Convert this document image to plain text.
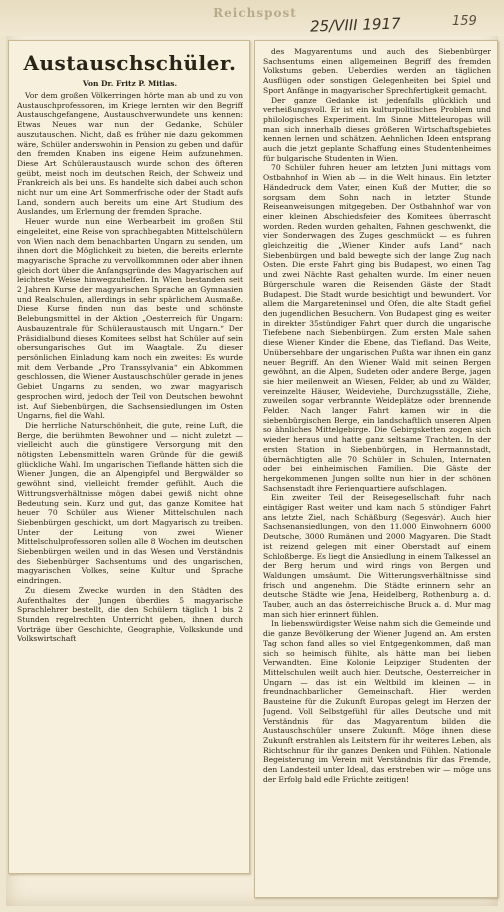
Reichspost
25/VIII 1917	159
Austauschschüler.
Von Dr. Fritz P. Mitlas.

Vor dem großen Völkerringen hörte man ab und zu von Austauschprofessoren, im Kriege lernten wir den Begriff Austauschgefangene, Austauschverwundete uns kennen: Etwas Neues war nun der Gedanke, Schüler auszutauschen. Nicht, daß es früher nie dazu gekommen wäre, Schüler anderswohin in Pension zu geben und dafür den fremden Knaben ins eigene Heim aufzunehmen. Diese Art Schüleraustausch wurde schon des öfteren geübt, meist noch im deutschen Reich, der Schweiz und Frankreich als bei uns. Es handelte sich dabei auch schon nicht nur um eine Art Sommerfrische oder der Stadt aufs Land, sondern auch bereits um eine Art Studium des Auslandes, um Erlernung der fremden Sprache.

Heuer wurde nun eine Werbearbeit im großen Stil eingeleitet, eine Reise von sprachbegabten Mittelschülern von Wien nach dem benachbarten Ungarn zu senden, um ihnen dort die Möglichkeit zu bieten, die bereits erlernte magyarische Sprache zu vervollkommnen oder aber ihnen gleich dort über die Anfangsgründe des Magyarischen auf leichteste Weise hinwegzuhelfen. In Wien bestanden seit 2 Jahren Kurse der magyarischen Sprache an Gymnasien und Realschulen, allerdings in sehr spärlichem Ausmaße. Diese Kurse finden nun das beste und schönste Belebungsmittel in der Aktion „Oesterreich für Ungarn: Ausbauzentrale für Schüleraustausch mit Ungarn.“ Der Präsidialbund dieses Komitees selbst hat Schüler auf sein obersungarisches Gut im Waagtale. Zu dieser persönlichen Einladung kam noch ein zweites: Es wurde mit dem Verbande „Pro Transsylvania“ ein Abkommen geschlossen, die Wiener Austauschschüler gerade in jenes Gebiet Ungarns zu senden, wo zwar magyarisch gesprochen wird, jedoch der Teil von Deutschen bewohnt ist. Auf Siebenbürgen, die Sachsensiedlungen im Osten Ungarns, fiel die Wahl.

Die herrliche Naturschönheit, die gute, reine Luft, die Berge, die berühmten Bewohner und — nicht zuletzt — vielleicht auch die günstigere Versorgung mit den nötigsten Lebensmitteln waren Gründe für die gewiß glückliche Wahl. Im ungarischen Tieflande hätten sich die Wiener Jungen, die an Alpengipfel und Bergwälder so gewöhnt sind, vielleicht fremder gefühlt. Auch die Wittrungsverhältnisse mögen dabei gewiß nicht ohne Bedeutung sein. Kurz und gut, das ganze Komitee hat heuer 70 Schüler aus Wiener Mittelschulen nach Siebenbürgen geschickt, um dort Magyarisch zu treiben. Unter der Leitung von zwei Wiener Mittelschulprofessoren sollen alle 8 Wochen im deutschen Siebenbürgen weilen und in das Wesen und Verständnis des Siebenbürger Sachsentums und des ungarischen, magyarischen Volkes, seine Kultur und Sprache eindringen.

Zu diesem Zwecke wurden in den Städten des Aufenthaltes der Jungen überdies 5 magyarische Sprachlehrer bestellt, die den Schülern täglich 1 bis 2 Stunden regelrechten Unterricht geben, ihnen durch Vorträge über Geschichte, Geographie, Volkskunde und Volkswirtschaft

des Magyarentums und auch des Siebenbürger Sachsentums einen allgemeinen Begriff des fremden Volkstums geben. Ueberdies werden an täglichen Ausflügen oder sonstigen Gelegenheiten bei Spiel und Sport Anfänge in magyarischer Sprechfertigkeit gemacht.

Der ganze Gedanke ist jedenfalls glücklich und verheißungsvoll. Er ist ein kulturpolitisches Problem und philologisches Experiment. Im Sinne Mitteleuropas will man sich innerhalb dieses größeren Wirtschaftsgebietes kennen lernen und schätzen. Aehnlichen Ideen entsprang auch die jetzt geplante Schaffung eines Studentenheimes für bulgarische Studenten in Wien.

70 Schüler fuhren heuer am letzten Juni mittags vom Ostbahnhof in Wien ab — in die Welt hinaus. Ein letzter Händedruck dem Vater, einen Kuß der Mutter, die so sorgsam dem Sohn nach in letzter Stunde Reiseanweisungen mitgegeben. Der Ostbahnhof war von einer kleinen Abschiedsfeier des Komitees überrascht worden. Reden wurden gehalten, Fahnen geschwenkt, die vier Sonderwagen des Zuges geschmückt — es fuhren gleichzeitig die „Wiener Kinder aufs Land“ nach Siebenbürgen und bald bewegte sich der lange Zug nach Osten. Die erste Fahrt ging bis Budapest, wo einen Tag und zwei Nächte Rast gehalten wurde. Im einer neuen Bürgerschule waren die Reisenden Gäste der Stadt Budapest. Die Stadt wurde besichtigt und bewundert. Vor allem die Margareteninsel und Ofen, die alte Stadt gefiel den jugendlichen Besuchern. Von Budapest ging es weiter in direkter 35stündiger Fahrt quer durch die ungarische Tiefebene nach Siebenbürgen. Zum ersten Male sahen diese Wiener Kinder die Ebene, das Tiefland. Das Weite, Unübersehbare der ungarischen Pußta war ihnen ein ganz neuer Begriff. An den Wiener Wald mit seinen Bergen gewöhnt, an die Alpen, Sudeten oder andere Berge, jagen sie hier meilenweit an Wiesen, Felder, ab und zu Wälder, vereinzelte Häuser, Weideviehe, Durchzugsställe, Ziehe, zuweilen sogar verbrannte Weideplätze oder brennende Felder. Nach langer Fahrt kamen wir in die siebenbürgischen Berge, ein landschaftlich unseren Alpen so ähnliches Mittelgebirge. Die Gebirgsketten zogen sich wieder heraus und hatte ganz seltsame Trachten. In der ersten Station in Siebenbürgen, in Hermannstadt, übernächtigten alle 70 Schüler in Schulen, Internaten oder bei einheimischen Familien. Die Gäste der hergekommenen Jungen sollte nun hier in der schönen Sachsenstadt ihre Ferienquartiere aufschlagen.

Ein zweiter Teil der Reisegesellschaft fuhr nach eintägiger Rast weiter und kam nach 5 stündiger Fahrt ans letzte Ziel, nach Schäßburg (Segesvár). Auch hier Sachsenansiedlungen, von den 11.000 Einwohnern 6000 Deutsche, 3000 Rumänen und 2000 Magyaren. Die Stadt ist reizend gelegen mit einer Oberstadt auf einem Schloßberge. Es liegt die Ansiedlung in einem Talkessel an der Berg herum und wird rings von Bergen und Waldungen umsäumt. Die Witterungsverhältnisse sind frisch und angenehm. Die Städte erinnern sehr an deutsche Städte wie Jena, Heidelberg, Rothenburg a. d. Tauber, auch an das österreichische Bruck a. d. Mur mag man sich hier erinnert fühlen.

In liebenswürdigster Weise nahm sich die Gemeinde und die ganze Bevölkerung der Wiener Jugend an. Am ersten Tag schon fand alles so viel Entgegenkommen, daß man sich so heimisch fühlte, als hätte man bei lieben Verwandten. Eine Kolonie Leipziger Studenten der Mittelschulen weilt auch hier. Deutsche, Oesterreicher in Ungarn — das ist ein Weltbild im kleinen — in freundnachbarlicher Gemeinschaft. Hier werden Bausteine für die Zukunft Europas gelegt im Herzen der Jugend. Voll Selbstgefühl für alles Deutsche und mit Verständnis für das Magyarentum bilden die Austauschschüler unsere Zukunft. Möge ihnen diese Zukunft erstrahlen als Leitstern für ihr weiteres Leben, als Richtschnur für ihr ganzes Denken und Fühlen. Nationale Begeisterung im Verein mit Verständnis für das Fremde, den Landesteil unter Ideal, das erstreben wir — möge uns der Erfolg bald edle Früchte zeitigen!
